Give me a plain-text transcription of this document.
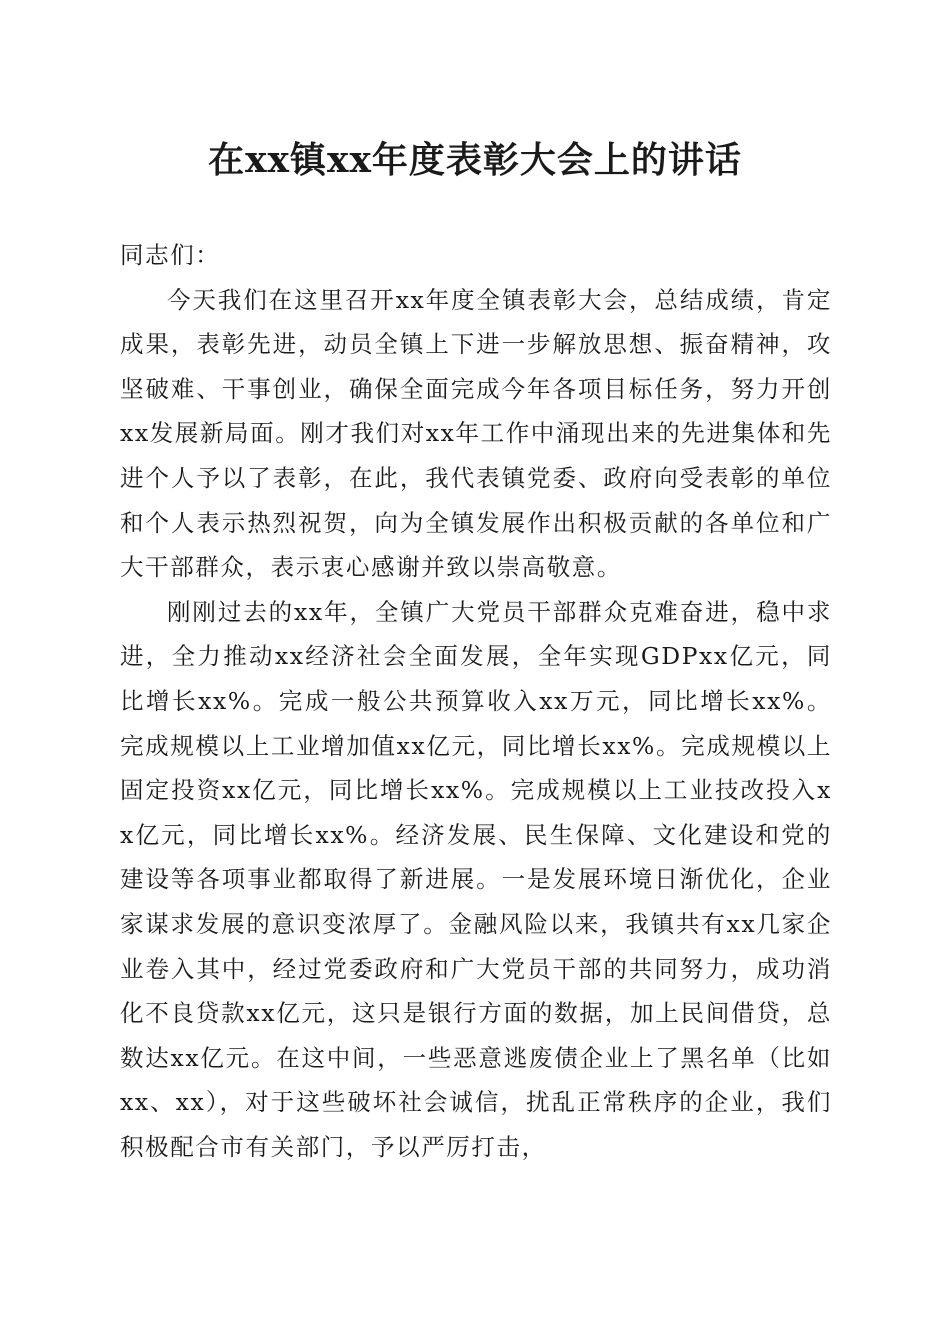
在xx镇xx年度表彰大会上的讲话

同志们：

今天我们在这里召开xx年度全镇表彰大会，总结成绩，肯定成果，表彰先进，动员全镇上下进一步解放思想、振奋精神，攻坚破难、干事创业，确保全面完成今年各项目标任务，努力开创xx发展新局面。刚才我们对xx年工作中涌现出来的先进集体和先进个人予以了表彰，在此，我代表镇党委、政府向受表彰的单位和个人表示热烈祝贺，向为全镇发展作出积极贡献的各单位和广大干部群众，表示衷心感谢并致以崇高敬意。

刚刚过去的xx年，全镇广大党员干部群众克难奋进，稳中求进，全力推动xx经济社会全面发展，全年实现GDPxx亿元，同比增长xx%。完成一般公共预算收入xx万元，同比增长xx%。完成规模以上工业增加值xx亿元，同比增长xx%。完成规模以上固定投资xx亿元，同比增长xx%。完成规模以上工业技改投入xx亿元，同比增长xx%。经济发展、民生保障、文化建设和党的建设等各项事业都取得了新进展。一是发展环境日渐优化，企业家谋求发展的意识变浓厚了。金融风险以来，我镇共有xx几家企业卷入其中，经过党委政府和广大党员干部的共同努力，成功消化不良贷款xx亿元，这只是银行方面的数据，加上民间借贷，总数达xx亿元。在这中间，一些恶意逃废债企业上了黑名单（比如xx、xx），对于这些破坏社会诚信，扰乱正常秩序的企业，我们积极配合市有关部门，予以严厉打击，
